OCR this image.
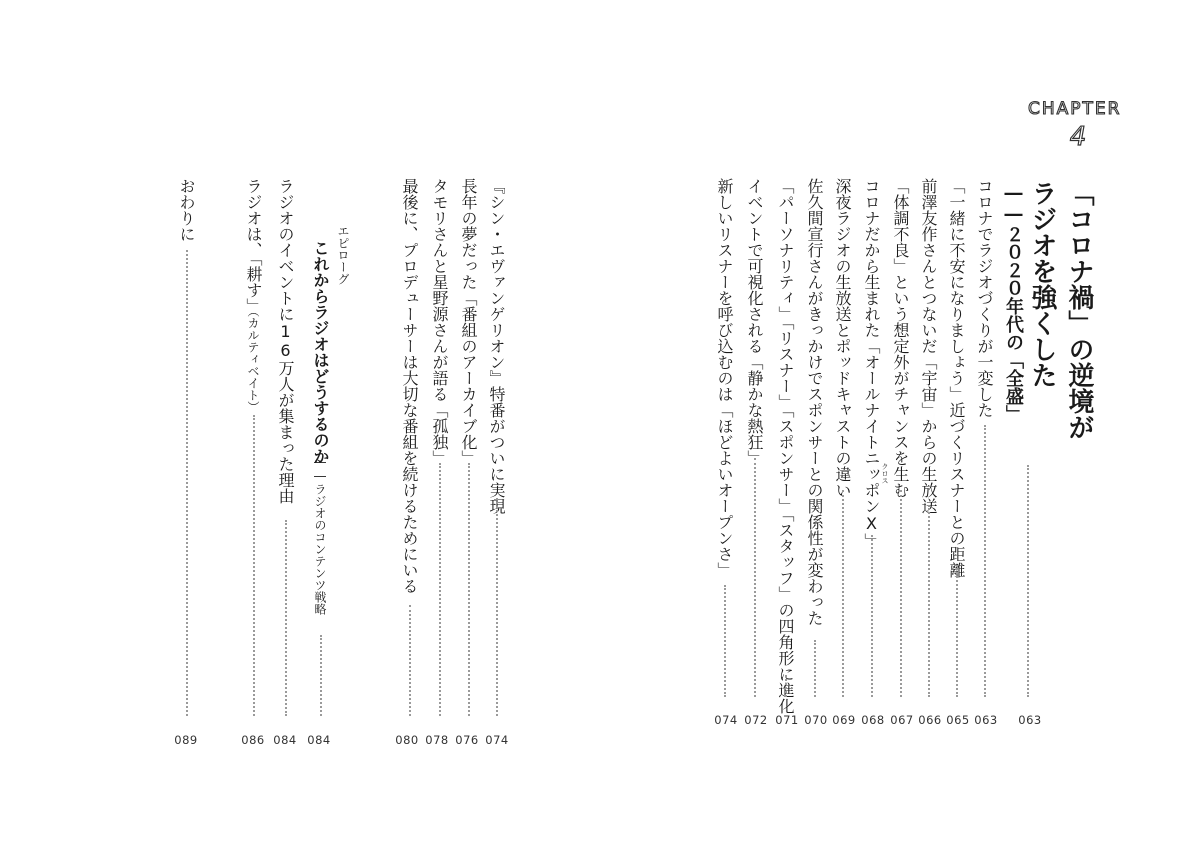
CHAPTER
4
「コロナ禍」の逆境が
ラジオを強くした
――２０２０年代の「全盛」
063
コロナでラジオづくりが一変した
063
「一緒に不安になりましょう」近づくリスナーとの距離
065
前澤友作さんとつないだ「宇宙」からの生放送
066
「体調不良」という想定外がチャンスを生む
067
コロナだから生まれた「オールナイトニッポンX」 クロス
068
深夜ラジオの生放送とポッドキャストの違い
069
佐久間宣行さんがきっかけでスポンサーとの関係性が変わった
070
「パーソナリティ」「リスナー」「スポンサー」「スタッフ」の四角形に進化
071
イベントで可視化される「静かな熱狂」
072
新しいリスナーを呼び込むのは「ほどよいオープンさ」
074
『シン・エヴァンゲリオン』特番がついに実現
074
長年の夢だった「番組のアーカイブ化」
076
タモリさんと星野源さんが語る「孤独」
078
最後に、プロデューサーは大切な番組を続けるためにいる
080
エピローグ
これからラジオはどうするのか
――ラジオのコンテンツ戦略
084
ラジオのイベントに16万人が集まった理由
084
ラジオは、「耕す」
（カルティベイト）
086
おわりに
089
